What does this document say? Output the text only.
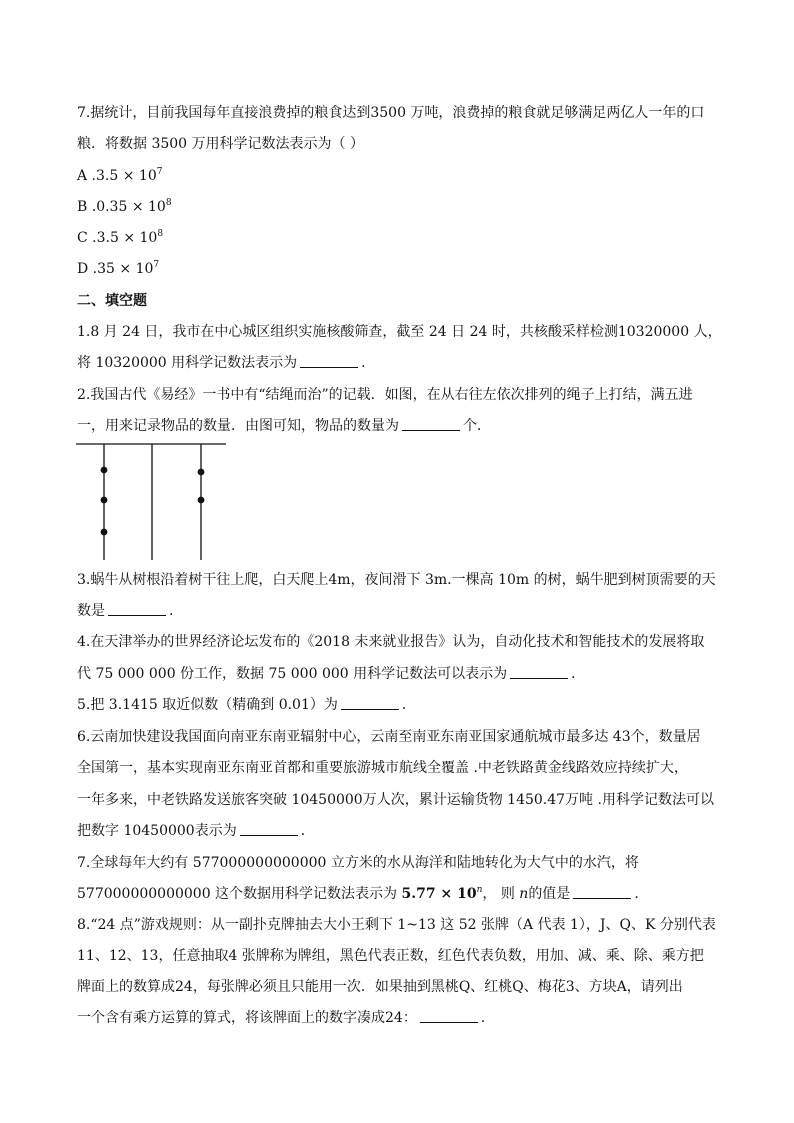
7.据统计，目前我国每年直接浪费掉的粮食达到3500 万吨，浪费掉的粮食就足够满足两亿人一年的口
粮．将数据 3500 万用科学记数法表示为（ ）
A $.3.5 \times 10^7$
B $.0.35 \times 10^8$
C $.3.5 \times 10^8$
D $.35 \times 10^7$
二、填空题
1.8 月 24 日，我市在中心城区组织实施核酸筛查，截至 24 日 24 时，共核酸采样检测10320000 人，
将 10320000 用科学记数法表示为	．
2.我国古代《易经》一书中有“结绳而治”的记载．如图，在从右往左依次排列的绳子上打结，满五进
一，用来记录物品的数量．由图可知，物品的数量为	个．
3.蜗牛从树根沿着树干往上爬，白天爬上4m，夜间滑下 3m.一棵高 10m 的树，蜗牛肥到树顶需要的天
数是	.
4.在天津举办的世界经济论坛发布的《2018 未来就业报告》认为，自动化技术和智能技术的发展将取
代 75 000 000 份工作，数据 75 000 000 用科学记数法可以表示为	．
5.把 3.1415 取近似数（精确到 0.01）为	．
6.云南加快建设我国面向南亚东南亚辐射中心，云南至南亚东南亚国家通航城市最多达 43个，数量居
全国第一，基本实现南亚东南亚首都和重要旅游城市航线全覆盖 .中老铁路黄金线路效应持续扩大，
一年多来，中老铁路发送旅客突破 10450000万人次，累计运输货物 1450.47万吨 .用科学记数法可以
把数字 10450000表示为	．
7.全球每年大约有 577000000000000 立方米的水从海洋和陆地转化为大气中的水汽，将
577000000000000 这个数据用科学记数法表示为 $5.77 \times 10^n$， 则 n的值是	.
8.“24 点”游戏规则：从一副扑克牌抽去大小王剩下 1~13 这 52 张牌（A 代表 1），J、Q、K 分别代表
11、12、13，任意抽取4 张牌称为牌组，黑色代表正数，红色代表负数，用加、减、乘、除、乘方把
牌面上的数算成24，每张牌必须且只能用一次．如果抽到黑桃Q、红桃Q、梅花3、方块A，请列出
一个含有乘方运算的算式，将该牌面上的数字凑成24：	．
